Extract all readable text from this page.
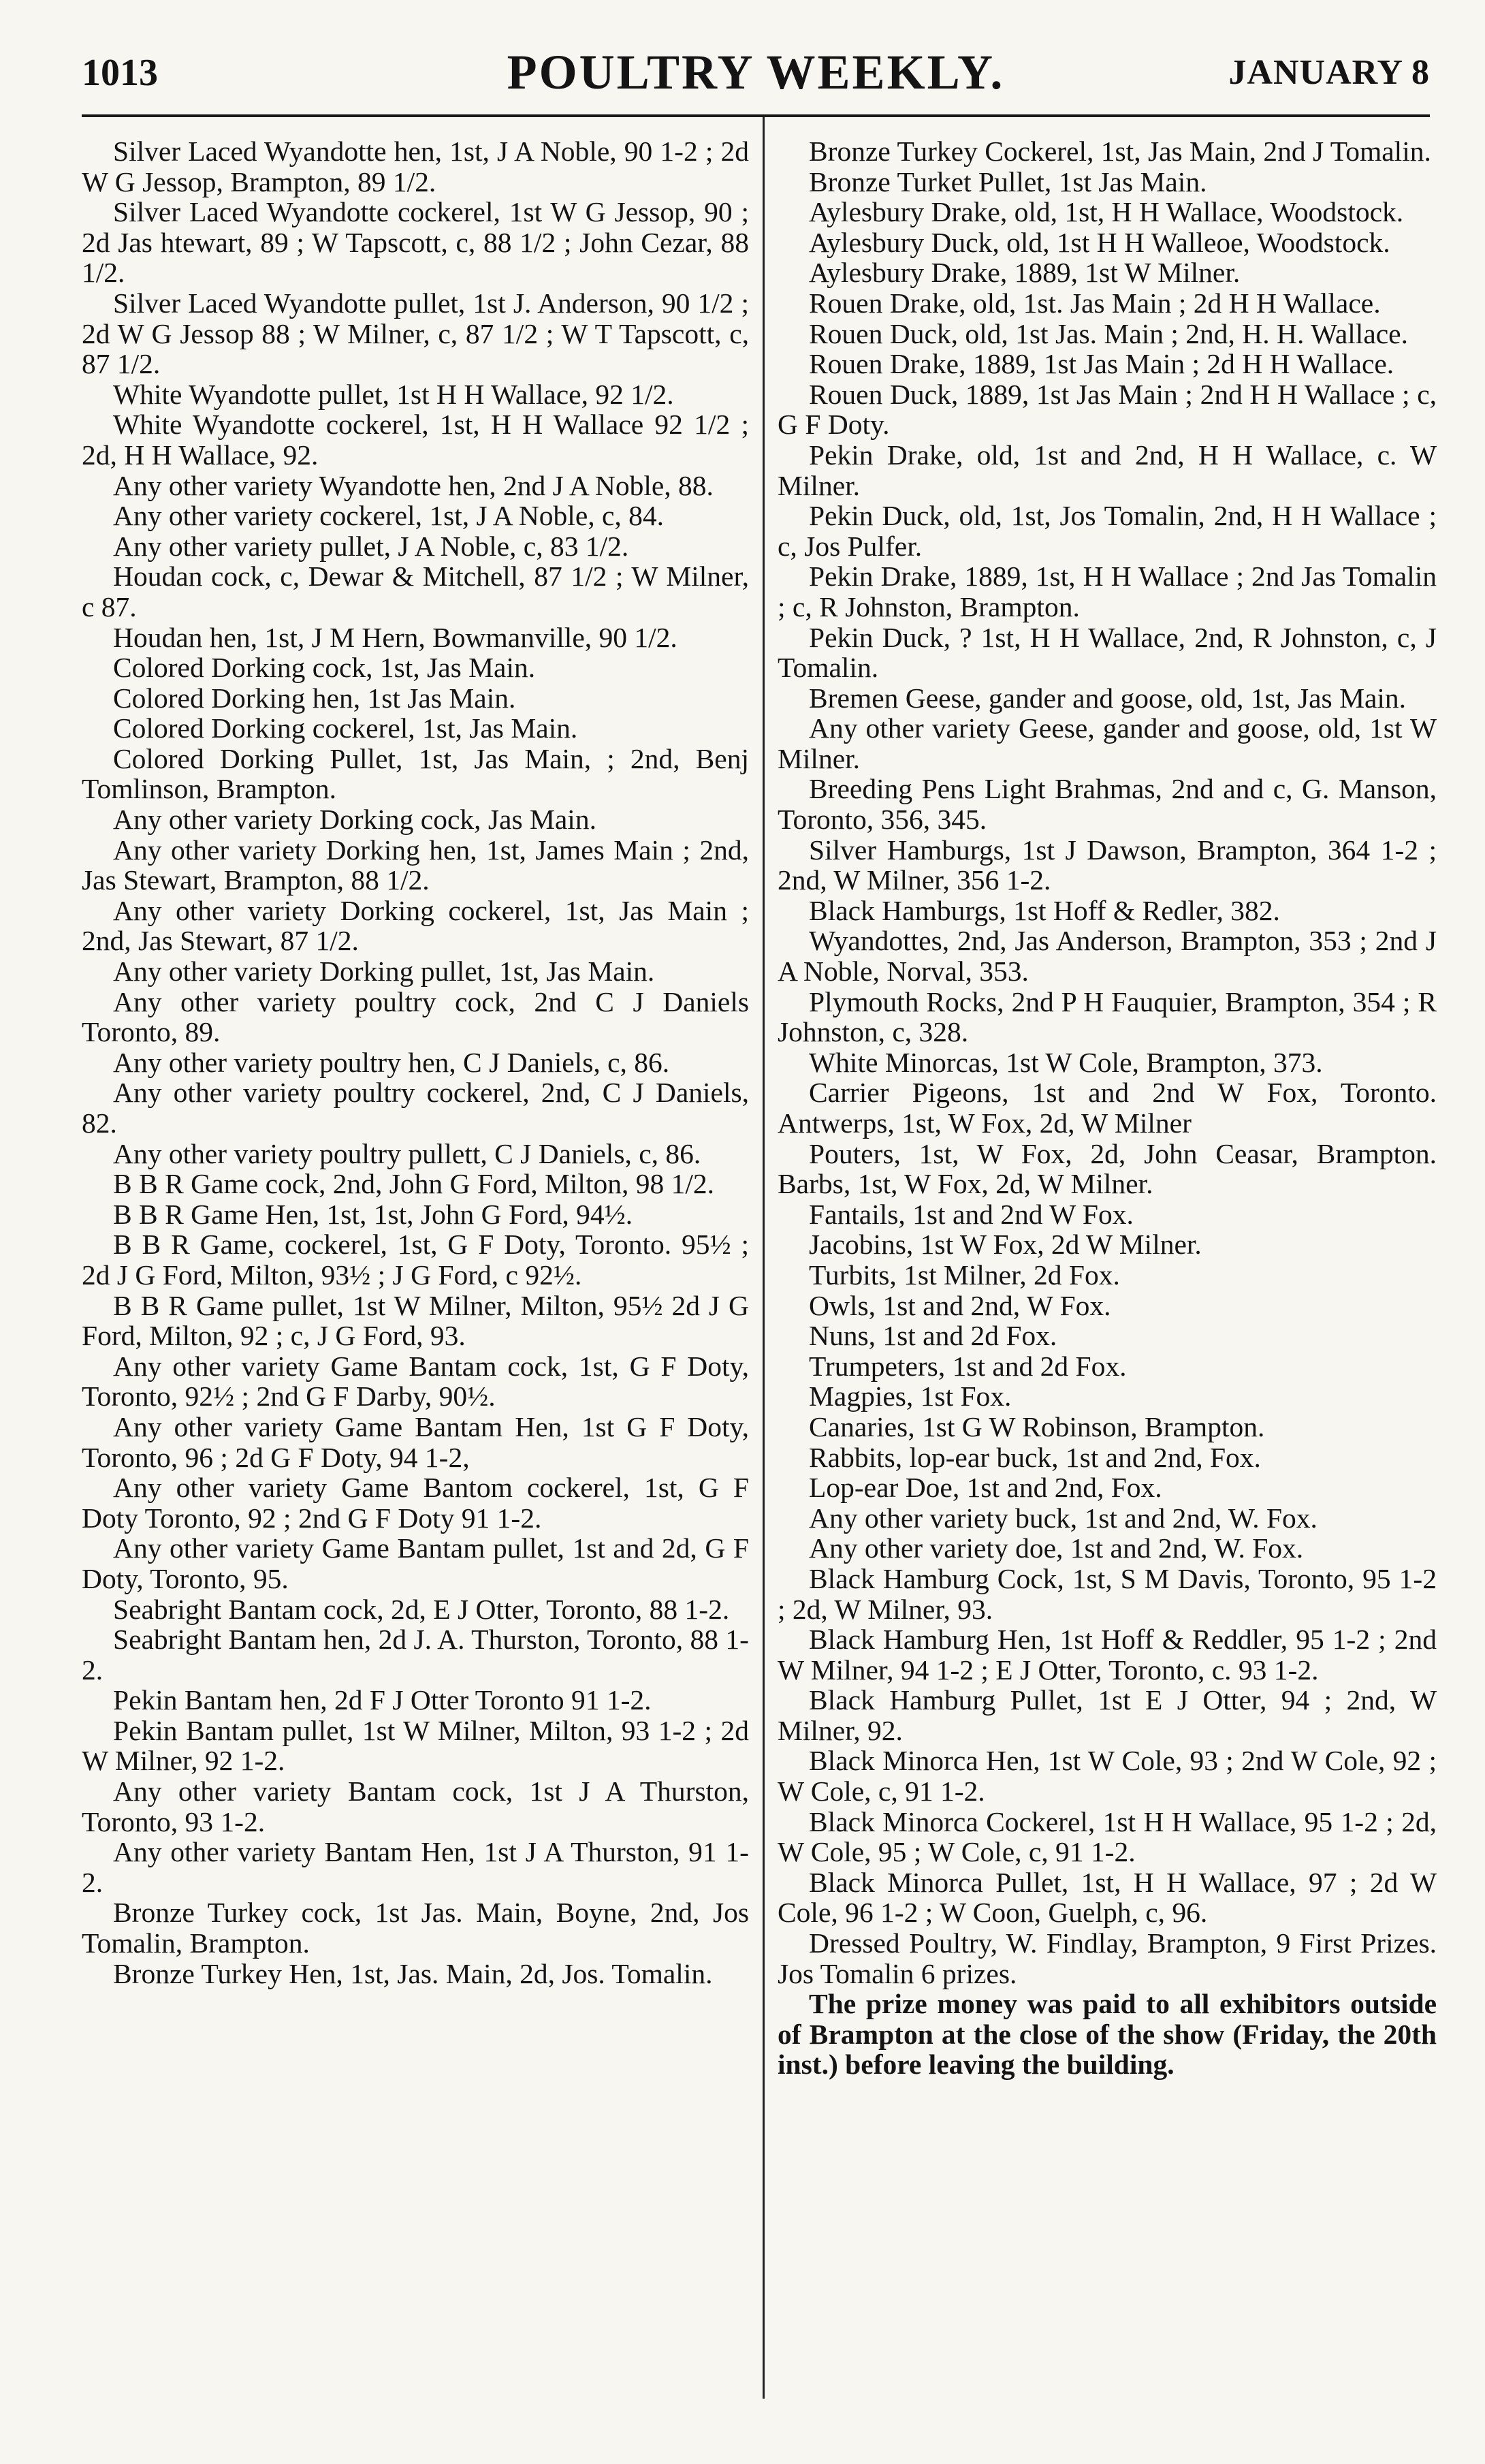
1013	POULTRY WEEKLY.	JANUARY 8

Silver Laced Wyandotte hen, 1st, J A Noble, 90 1-2 ; 2d W G Jessop, Brampton, 89 1/2.

Silver Laced Wyandotte cockerel, 1st W G Jessop, 90 ; 2d Jas htewart, 89 ; W Tapscott, c, 88 1/2 ; John Cezar, 88 1/2.

Silver Laced Wyandotte pullet, 1st J. Anderson, 90 1/2 ; 2d W G Jessop 88 ; W Milner, c, 87 1/2 ; W T Tapscott, c, 87 1/2.

White Wyandotte pullet, 1st H H Wallace, 92 1/2.

White Wyandotte cockerel, 1st, H H Wallace 92 1/2 ; 2d, H H Wallace, 92.

Any other variety Wyandotte hen, 2nd J A Noble, 88.

Any other variety cockerel, 1st, J A Noble, c, 84.

Any other variety pullet, J A Noble, c, 83 1/2.

Houdan cock, c, Dewar & Mitchell, 87 1/2 ; W Milner, c 87.

Houdan hen, 1st, J M Hern, Bowmanville, 90 1/2.

Colored Dorking cock, 1st, Jas Main.

Colored Dorking hen, 1st Jas Main.

Colored Dorking cockerel, 1st, Jas Main.

Colored Dorking Pullet, 1st, Jas Main, ; 2nd, Benj Tomlinson, Brampton.

Any other variety Dorking cock, Jas Main.

Any other variety Dorking hen, 1st, James Main ; 2nd, Jas Stewart, Brampton, 88 1/2.

Any other variety Dorking cockerel, 1st, Jas Main ; 2nd, Jas Stewart, 87 1/2.

Any other variety Dorking pullet, 1st, Jas Main.

Any other variety poultry cock, 2nd C J Daniels Toronto, 89.

Any other variety poultry hen, C J Daniels, c, 86.

Any other variety poultry cockerel, 2nd, C J Daniels, 82.

Any other variety poultry pullett, C J Daniels, c, 86.

B B R Game cock, 2nd, John G Ford, Milton, 98 1/2.

B B R Game Hen, 1st, 1st, John G Ford, 94½.

B B R Game, cockerel, 1st, G F Doty, Toronto. 95½ ; 2d J G Ford, Milton, 93½ ; J G Ford, c 92½.

B B R Game pullet, 1st W Milner, Milton, 95½ 2d J G Ford, Milton, 92 ; c, J G Ford, 93.

Any other variety Game Bantam cock, 1st, G F Doty, Toronto, 92½ ; 2nd G F Darby, 90½.

Any other variety Game Bantam Hen, 1st G F Doty, Toronto, 96 ; 2d G F Doty, 94 1-2,

Any other variety Game Bantom cockerel, 1st, G F Doty Toronto, 92 ; 2nd G F Doty 91 1-2.

Any other variety Game Bantam pullet, 1st and 2d, G F Doty, Toronto, 95.

Seabright Bantam cock, 2d, E J Otter, Toronto, 88 1-2.

Seabright Bantam hen, 2d J. A. Thurston, Toronto, 88 1-2.

Pekin Bantam hen, 2d F J Otter Toronto 91 1-2.

Pekin Bantam pullet, 1st W Milner, Milton, 93 1-2 ; 2d W Milner, 92 1-2.

Any other variety Bantam cock, 1st J A Thurston, Toronto, 93 1-2.

Any other variety Bantam Hen, 1st J A Thurston, 91 1-2.

Bronze Turkey cock, 1st Jas. Main, Boyne, 2nd, Jos Tomalin, Brampton.

Bronze Turkey Hen, 1st, Jas. Main, 2d, Jos. Tomalin.

Bronze Turkey Cockerel, 1st, Jas Main, 2nd J Tomalin.

Bronze Turket Pullet, 1st Jas Main.

Aylesbury Drake, old, 1st, H H Wallace, Woodstock.

Aylesbury Duck, old, 1st H H Walleoe, Woodstock.

Aylesbury Drake, 1889, 1st W Milner.

Rouen Drake, old, 1st. Jas Main ; 2d H H Wallace.

Rouen Duck, old, 1st Jas. Main ; 2nd, H. H. Wallace.

Rouen Drake, 1889, 1st Jas Main ; 2d H H Wallace.

Rouen Duck, 1889, 1st Jas Main ; 2nd H H Wallace ; c, G F Doty.

Pekin Drake, old, 1st and 2nd, H H Wallace, c. W Milner.

Pekin Duck, old, 1st, Jos Tomalin, 2nd, H H Wallace ; c, Jos Pulfer.

Pekin Drake, 1889, 1st, H H Wallace ; 2nd Jas Tomalin ; c, R Johnston, Brampton.

Pekin Duck, ? 1st, H H Wallace, 2nd, R Johnston, c, J Tomalin.

Bremen Geese, gander and goose, old, 1st, Jas Main.

Any other variety Geese, gander and goose, old, 1st W Milner.

Breeding Pens Light Brahmas, 2nd and c, G. Manson, Toronto, 356, 345.

Silver Hamburgs, 1st J Dawson, Brampton, 364 1-2 ; 2nd, W Milner, 356 1-2.

Black Hamburgs, 1st Hoff & Redler, 382.

Wyandottes, 2nd, Jas Anderson, Brampton, 353 ; 2nd J A Noble, Norval, 353.

Plymouth Rocks, 2nd P H Fauquier, Brampton, 354 ; R Johnston, c, 328.

White Minorcas, 1st W Cole, Brampton, 373.

Carrier Pigeons, 1st and 2nd W Fox, Toronto. Antwerps, 1st, W Fox, 2d, W Milner

Pouters, 1st, W Fox, 2d, John Ceasar, Brampton. Barbs, 1st, W Fox, 2d, W Milner.

Fantails, 1st and 2nd W Fox.

Jacobins, 1st W Fox, 2d W Milner.

Turbits, 1st Milner, 2d Fox.

Owls, 1st and 2nd, W Fox.

Nuns, 1st and 2d Fox.

Trumpeters, 1st and 2d Fox.

Magpies, 1st Fox.

Canaries, 1st G W Robinson, Brampton.

Rabbits, lop-ear buck, 1st and 2nd, Fox.

Lop-ear Doe, 1st and 2nd, Fox.

Any other variety buck, 1st and 2nd, W. Fox.

Any other variety doe, 1st and 2nd, W. Fox.

Black Hamburg Cock, 1st, S M Davis, Toronto, 95 1-2 ; 2d, W Milner, 93.

Black Hamburg Hen, 1st Hoff & Reddler, 95 1-2 ; 2nd W Milner, 94 1-2 ; E J Otter, Toronto, c. 93 1-2.

Black Hamburg Pullet, 1st E J Otter, 94 ; 2nd, W Milner, 92.

Black Minorca Hen, 1st W Cole, 93 ; 2nd W Cole, 92 ; W Cole, c, 91 1-2.

Black Minorca Cockerel, 1st H H Wallace, 95 1-2 ; 2d, W Cole, 95 ; W Cole, c, 91 1-2.

Black Minorca Pullet, 1st, H H Wallace, 97 ; 2d W Cole, 96 1-2 ; W Coon, Guelph, c, 96.

Dressed Poultry, W. Findlay, Brampton, 9 First Prizes. Jos Tomalin 6 prizes.

The prize money was paid to all exhibitors outside of Brampton at the close of the show (Friday, the 20th inst.) before leaving the building.
